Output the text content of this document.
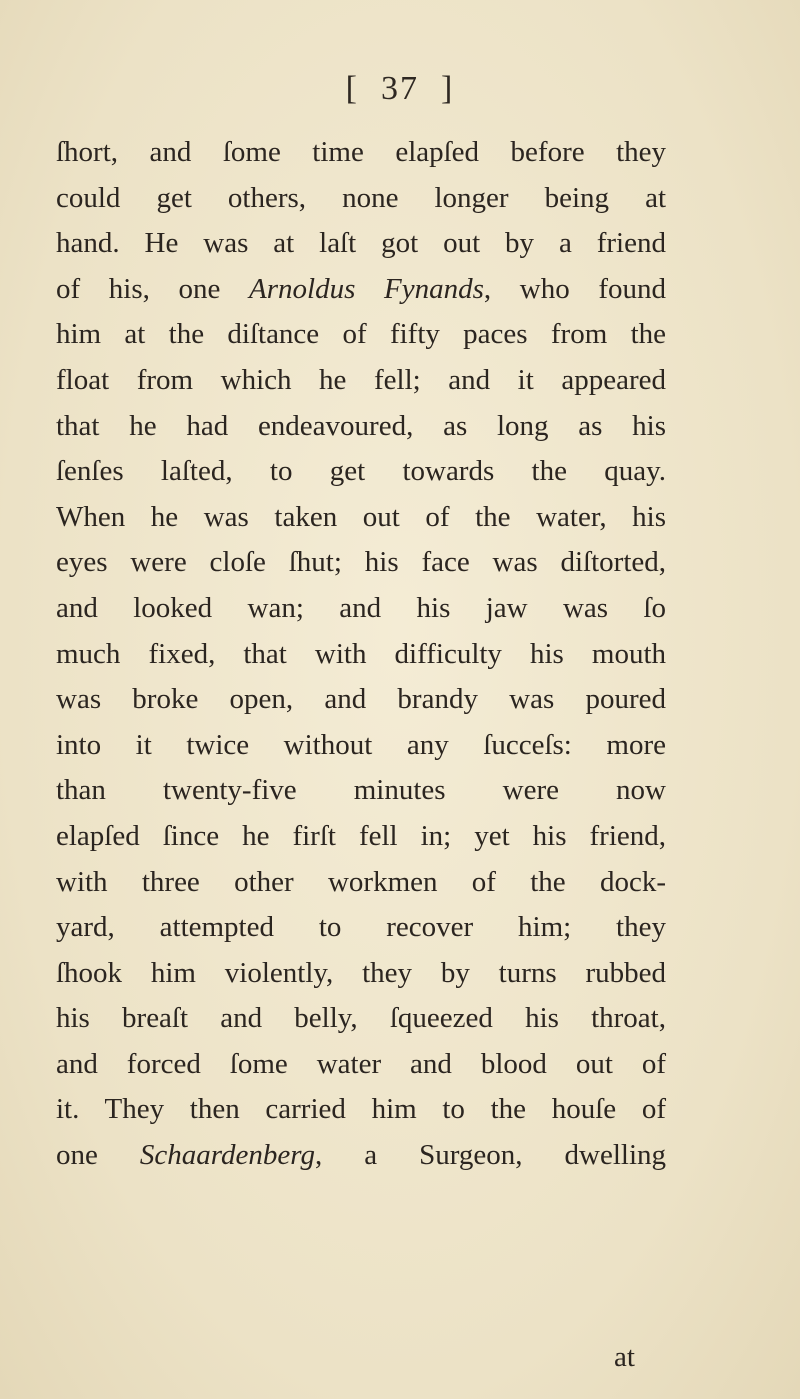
[ 37 ]
ſhort, and ſome time elapſed before they
could get others, none longer being at
hand. He was at laſt got out by a friend
of his, one Arnoldus Fynands, who found
him at the diſtance of fifty paces from the
float from which he fell; and it appeared
that he had endeavoured, as long as his
ſenſes laſted, to get towards the quay.
When he was taken out of the water, his
eyes were cloſe ſhut; his face was diſtorted,
and looked wan; and his jaw was ſo
much fixed, that with difficulty his mouth
was broke open, and brandy was poured
into it twice without any ſucceſs: more
than twenty-five minutes were now
elapſed ſince he firſt fell in; yet his friend,
with three other workmen of the dock-
yard, attempted to recover him; they
ſhook him violently, they by turns rubbed
his breaſt and belly, ſqueezed his throat,
and forced ſome water and blood out of
it. They then carried him to the houſe of
one Schaardenberg, a Surgeon, dwelling
at
